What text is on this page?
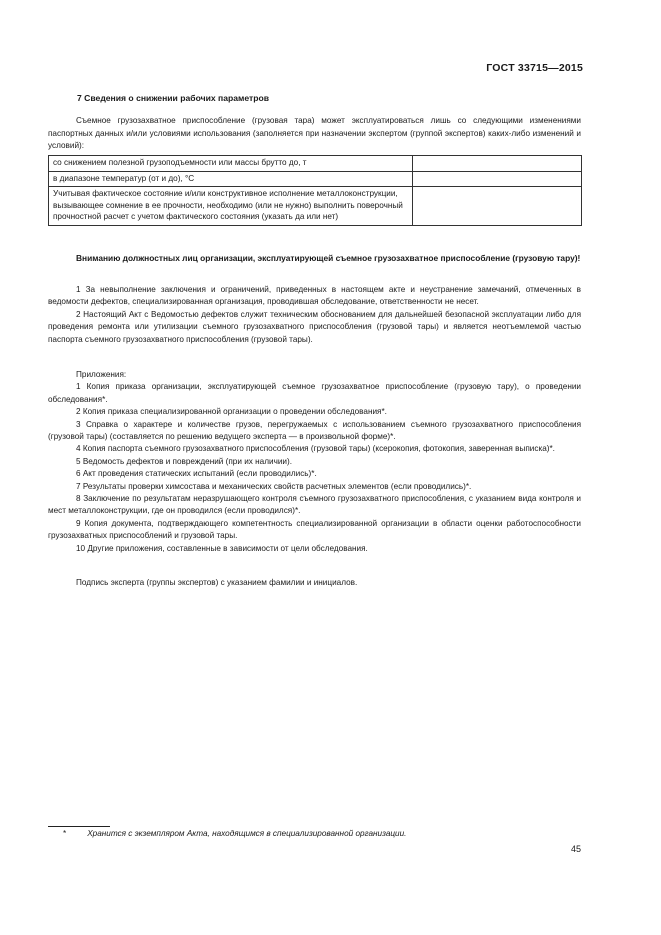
ГОСТ 33715—2015
7 Сведения о снижении рабочих параметров
Съемное грузозахватное приспособление (грузовая тара) может эксплуатироваться лишь со следующими изменениями паспортных данных и/или условиями использования (заполняется при назначении экспертом (группой экспертов) каких-либо изменений и условий):
со снижением полезной грузоподъемности или массы брутто до, т	
в диапазоне температур (от и до), °С	
Учитывая фактическое состояние и/или конструктивное исполнение металлоконструкции, вызывающее сомнение в ее прочности, необходимо (или не нужно) выполнить поверочный прочностной расчет с учетом фактического состояния (указать да или нет)	
Вниманию должностных лиц организации, эксплуатирующей съемное грузозахватное приспособление (грузовую тару)!

1 За невыполнение заключения и ограничений, приведенных в настоящем акте и неустранение замечаний, отмеченных в ведомости дефектов, специализированная организация, проводившая обследование, ответственности не несет.

2 Настоящий Акт с Ведомостью дефектов служит техническим обоснованием для дальнейшей безопасной эксплуатации либо для проведения ремонта или утилизации съемного грузозахватного приспособления (грузовой тары) и является неотъемлемой частью паспорта съемного грузозахватного приспособления (грузовой тары).

Приложения:

1 Копия приказа организации, эксплуатирующей съемное грузозахватное приспособление (грузовую тару), о проведении обследования*.

2 Копия приказа специализированной организации о проведении обследования*.

3 Справка о характере и количестве грузов, перегружаемых с использованием съемного грузозахватного приспособления (грузовой тары) (составляется по решению ведущего эксперта — в произвольной форме)*.

4 Копия паспорта съемного грузозахватного приспособления (грузовой тары) (ксерокопия, фотокопия, заверенная выписка)*.

5 Ведомость дефектов и повреждений (при их наличии).

6 Акт проведения статических испытаний (если проводились)*.

7 Результаты проверки химсостава и механических свойств расчетных элементов (если проводились)*.

8 Заключение по результатам неразрушающего контроля съемного грузозахватного приспособления, с указанием вида контроля и мест металлоконструкции, где он проводился (если проводился)*.

9 Копия документа, подтверждающего компетентность специализированной организации в области оценки работоспособности грузозахватных приспособлений и грузовой тары.

10 Другие приложения, составленные в зависимости от цели обследования.

Подпись эксперта (группы экспертов) с указанием фамилии и инициалов.

*	Хранится с экземпляром Акта, находящимся в специализированной организации.
45
